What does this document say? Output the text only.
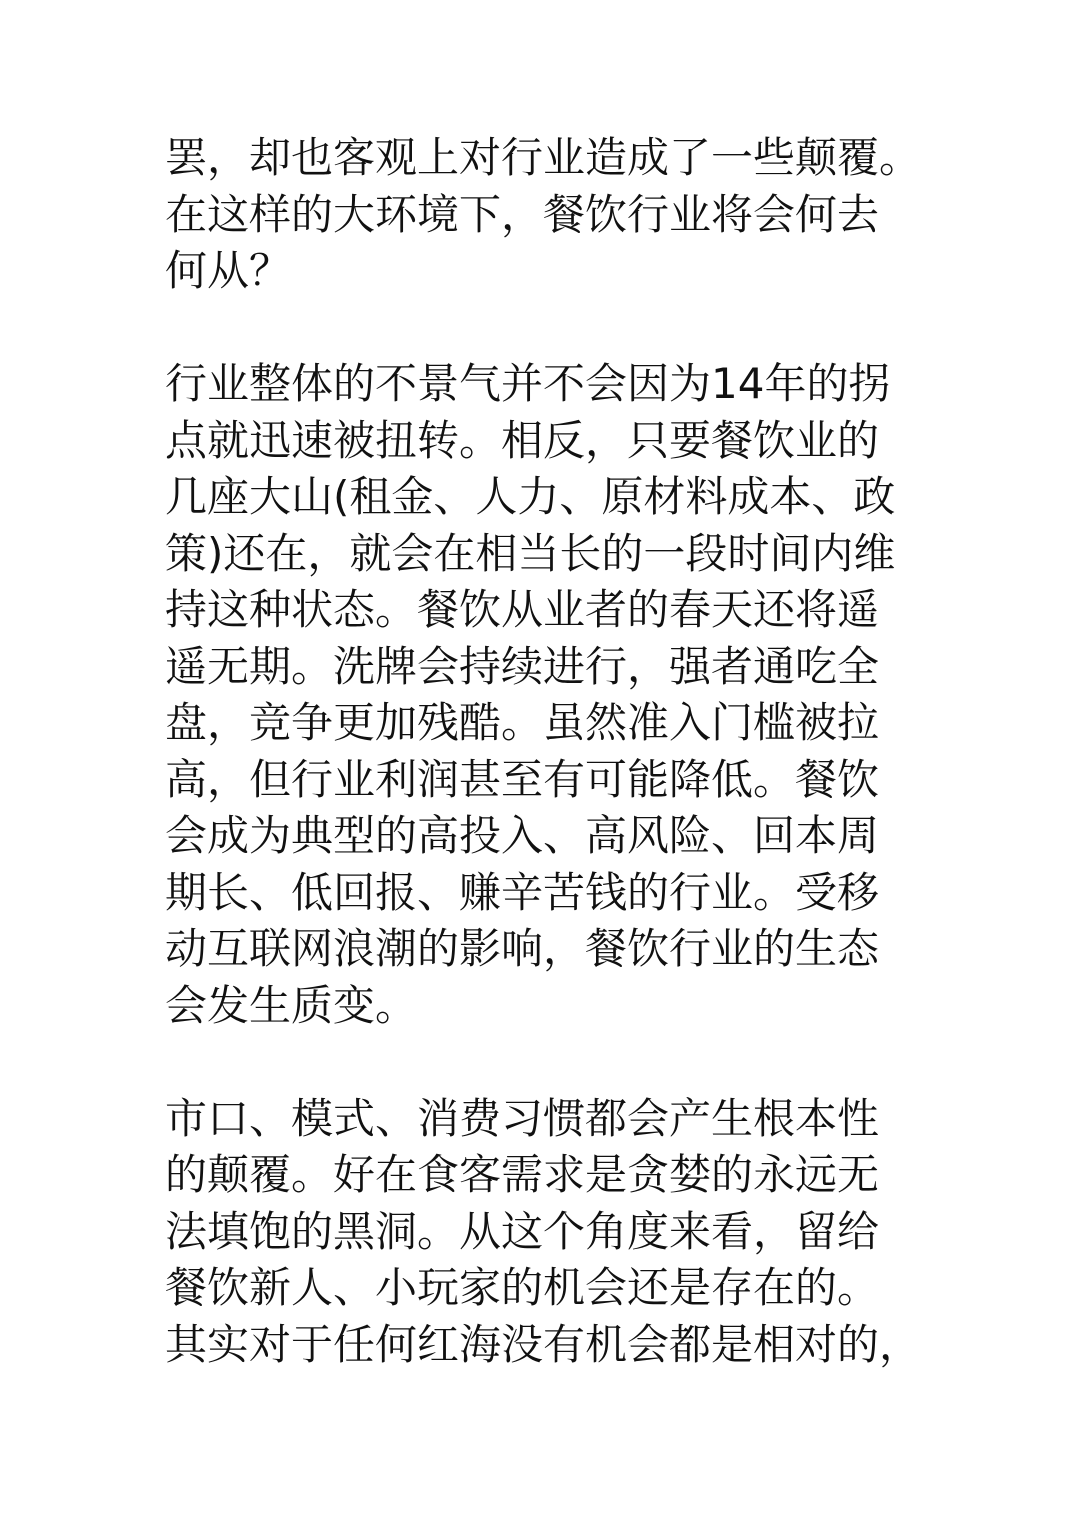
罢，却也客观上对行业造成了一些颠覆。
在这样的大环境下，餐饮行业将会何去
何从？
行业整体的不景气并不会因为14年的拐
点就迅速被扭转。相反，只要餐饮业的
几座大山(租金、人力、原材料成本、政
策)还在，就会在相当长的一段时间内维
持这种状态。餐饮从业者的春天还将遥
遥无期。洗牌会持续进行，强者通吃全
盘，竞争更加残酷。虽然准入门槛被拉
高，但行业利润甚至有可能降低。餐饮
会成为典型的高投入、高风险、回本周
期长、低回报、赚辛苦钱的行业。受移
动互联网浪潮的影响，餐饮行业的生态
会发生质变。
市口、模式、消费习惯都会产生根本性
的颠覆。好在食客需求是贪婪的永远无
法填饱的黑洞。从这个角度来看，留给
餐饮新人、小玩家的机会还是存在的。
其实对于任何红海没有机会都是相对的，
